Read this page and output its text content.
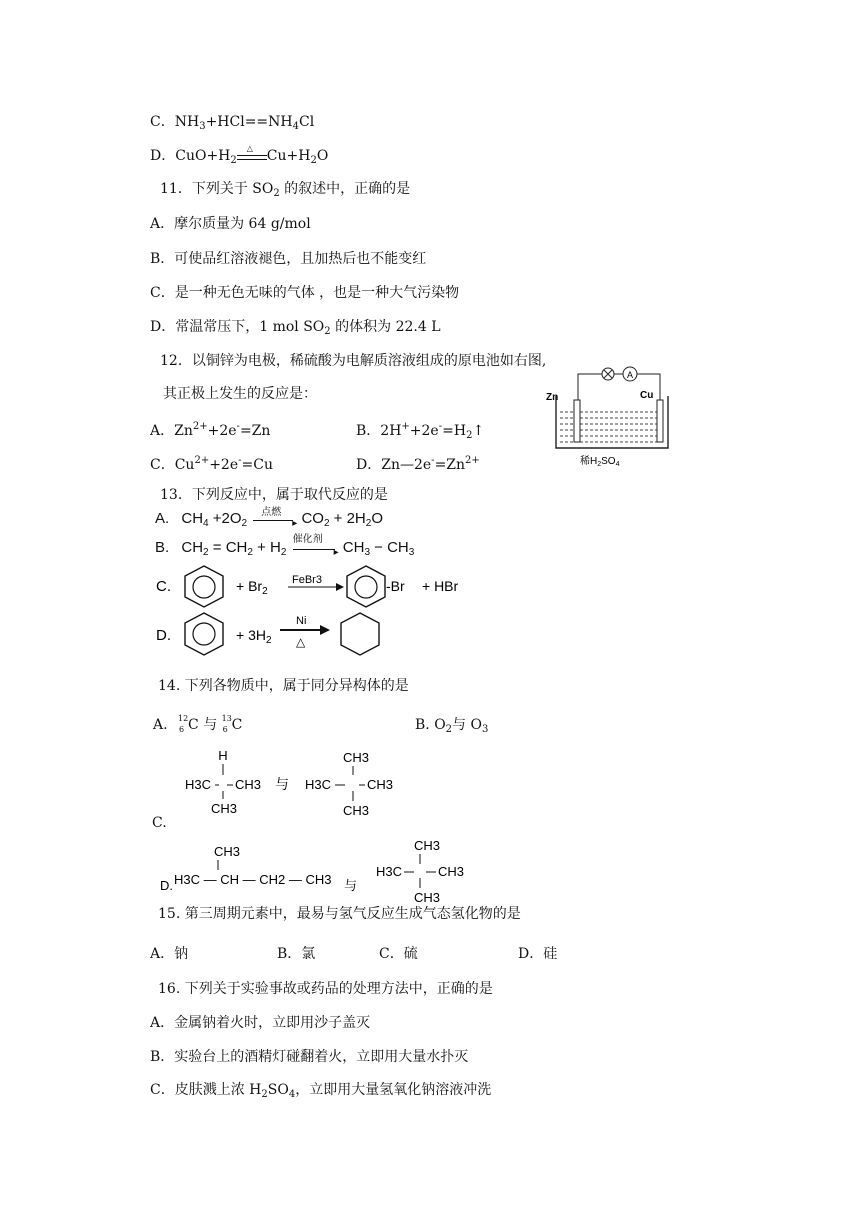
C．$NH_3+HCl==NH_4Cl$
D．$CuO+H_2$
△ $Cu+H_2O$
11．下列关于 $SO_2$ 的叙述中，正确的是
A．摩尔质量为 64 g/mol
B．可使品红溶液褪色，且加热后也不能变红
C．是一种无色无味的气体 ，也是一种大气污染物
D．常温常压下，1 mol $SO_2$ 的体积为 22.4 L
12．以铜锌为电极，稀硫酸为电解质溶液组成的原电池如右图,
其正极上发生的反应是：
A．$Zn^{2+}+2e^-=Zn$	B．$2H^++2e^-=H_2↑$
C．$Cu^{2+}+2e^-=Cu$	D．$Zn—2e^-=Zn^{2+}$
A
Zn	Cu
稀$H_2SO_4$
13．下列反应中，属于取代反应的是
A. $CH_4 +2O_2$
点燃
▸ $CO_2 + 2H_2O$
B. $CH_2 = CH_2 + H_2$
催化剂
▸ $CH_3 - CH_3$
C.	+ $Br_2$
FeBr3	-Br + HBr
D.	+ $3H_2$
Ni
△
14. 下列各物质中，属于同分异构体的是
A. 12
6 C 与 13
6 C	B. $O_2$与 $O_3$
H
H3C CH3
CH3
与
CH3
H3C	CH3
CH3
C.
D.
CH3
H3C — CH — CH2 — CH3 与
CH3
H3C	CH3
CH3
15. 第三周期元素中，最易与氢气反应生成气态氢化物的是
A．钠	B．氯	C．硫	D．硅
16. 下列关于实验事故或药品的处理方法中，正确的是
A．金属钠着火时，立即用沙子盖灭
B．实验台上的酒精灯碰翻着火，立即用大量水扑灭
C．皮肤溅上浓 $H_2SO_4$，立即用大量氢氧化钠溶液冲洗
